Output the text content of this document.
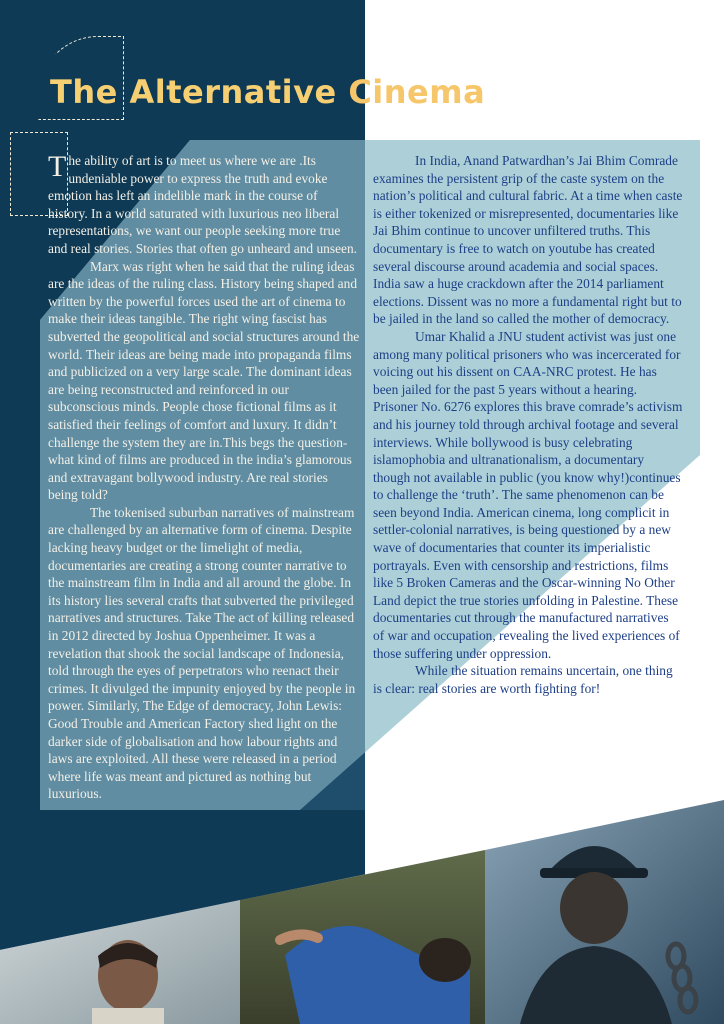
The Alternative Cinema

The ability of art is to meet us where we are .Its undeniable power to express the truth and evoke emotion has left an indelible mark in the course of history. In a world saturated with luxurious neo liberal representations, we want our people seeking more true and real stories. Stories that often go unheard and unseen.

Marx was right when he said that the ruling ideas are the ideas of the ruling class. History being shaped and written by the powerful forces used the art of cinema to make their ideas tangible. The right wing fascist has subverted the geopolitical and social structures around the world. Their ideas are being made into propaganda films and publicized on a very large scale. The dominant ideas are being reconstructed and reinforced in our subconscious minds. People chose fictional films as it satisfied their feelings of comfort and luxury. It didn’t challenge the system they are in.This begs the question-what kind of films are produced in the india’s glamorous and extravagant bollywood industry. Are real stories being told?

The tokenised suburban narratives of mainstream are challenged by an alternative form of cinema. Despite lacking heavy budget or the limelight of media, documentaries are creating a strong counter narrative to the mainstream film in India and all around the globe. In its history lies several crafts that subverted the privileged narratives and structures. Take The act of killing released in 2012 directed by Joshua Oppenheimer. It was a revelation that shook the social landscape of Indonesia, told through the eyes of perpetrators who reenact their crimes. It divulged the impunity enjoyed by the people in power. Similarly, The Edge of democracy, John Lewis: Good Trouble and American Factory shed light on the darker side of globalisation and how labour rights and laws are exploited. All these were released in a period where life was meant and pictured as nothing but luxurious.

In India, Anand Patwardhan’s Jai Bhim Comrade examines the persistent grip of the caste system on the nation’s political and cultural fabric. At a time when caste is either tokenized or misrepresented, documentaries like Jai Bhim continue to uncover unfiltered truths. This documentary is free to watch on youtube has created several discourse around academia and social spaces. India saw a huge crackdown after the 2014 parliament elections. Dissent was no more a fundamental right but to be jailed in the land so called the mother of democracy.

Umar Khalid a JNU student activist was just one among many political prisoners who was incercerated for voicing out his dissent on CAA-NRC protest. He has been jailed for the past 5 years without a hearing. Prisoner No. 6276 explores this brave comrade’s activism and his journey told through archival footage and several interviews. While bollywood is busy celebrating islamophobia and ultranationalism, a documentary though not available in public (you know why!)continues to challenge the ‘truth’. The same phenomenon can be seen beyond India. American cinema, long complicit in settler-colonial narratives, is being questioned by a new wave of documentaries that counter its imperialistic portrayals. Even with censorship and restrictions, films like 5 Broken Cameras and the Oscar-winning No Other Land depict the true stories unfolding in Palestine. These documentaries cut through the manufactured narratives of war and occupation, revealing the lived experiences of those suffering under oppression.

While the situation remains uncertain, one thing is clear: real stories are worth fighting for!
